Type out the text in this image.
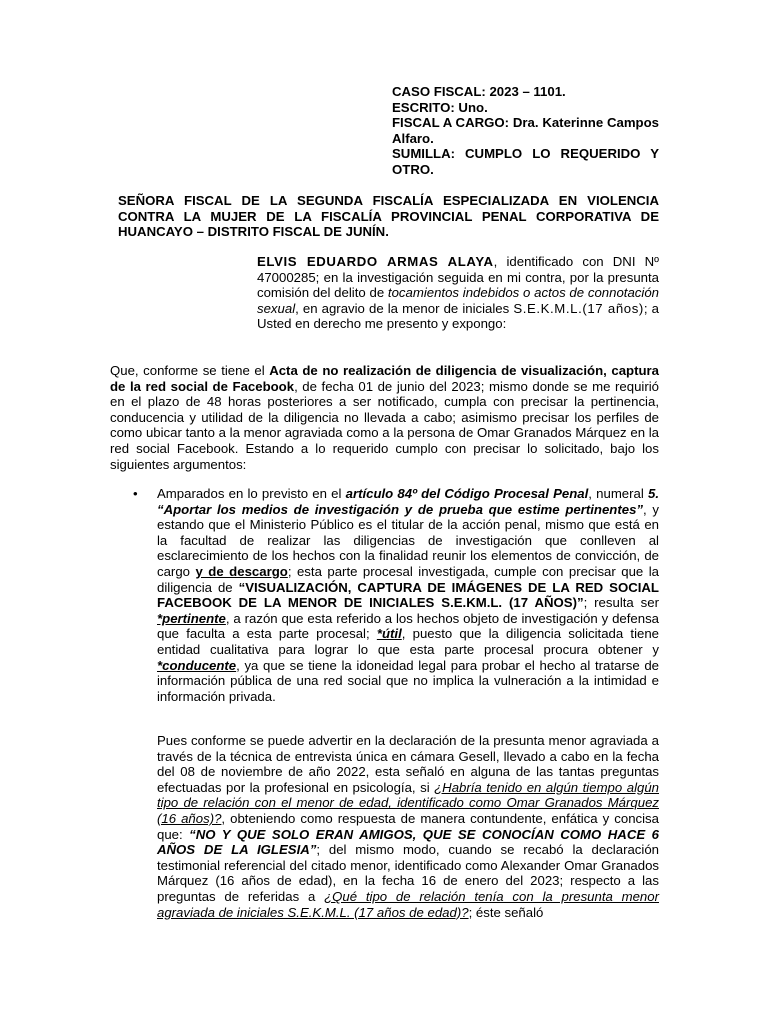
CASO FISCAL: 2023 – 1101.

ESCRITO: Uno.

FISCAL A CARGO: Dra. Katerinne Campos Alfaro.

SUMILLA: CUMPLO LO REQUERIDO Y OTRO.

SEÑORA FISCAL DE LA SEGUNDA FISCALÍA ESPECIALIZADA EN VIOLENCIA CONTRA LA MUJER DE LA FISCALÍA PROVINCIAL PENAL CORPORATIVA DE HUANCAYO – DISTRITO FISCAL DE JUNÍN.

ELVIS EDUARDO ARMAS ALAYA, identificado con DNI Nº 47000285; en la investigación seguida en mi contra, por la presunta comisión del delito de tocamientos indebidos o actos de connotación sexual, en agravio de la menor de iniciales S.E.K.M.L.(17 años); a Usted en derecho me presento y expongo:

Que, conforme se tiene el Acta de no realización de diligencia de visualización, captura de la red social de Facebook, de fecha 01 de junio del 2023; mismo donde se me requirió en el plazo de 48 horas posteriores a ser notificado, cumpla con precisar la pertinencia, conducencia y utilidad de la diligencia no llevada a cabo; asimismo precisar los perfiles de como ubicar tanto a la menor agraviada como a la persona de Omar Granados Márquez en la red social Facebook. Estando a lo requerido cumplo con precisar lo solicitado, bajo los siguientes argumentos:

•	Amparados en lo previsto en el artículo 84º del Código Procesal Penal, numeral 5. “Aportar los medios de investigación y de prueba que estime pertinentes”, y estando que el Ministerio Público es el titular de la acción penal, mismo que está en la facultad de realizar las diligencias de investigación que conlleven al esclarecimiento de los hechos con la finalidad reunir los elementos de convicción, de cargo y de descargo; esta parte procesal investigada, cumple con precisar que la diligencia de “VISUALIZACIÓN, CAPTURA DE IMÁGENES DE LA RED SOCIAL FACEBOOK DE LA MENOR DE INICIALES S.E.KM.L. (17 AÑOS)”; resulta ser *pertinente, a razón que esta referido a los hechos objeto de investigación y defensa que faculta a esta parte procesal; *útil, puesto que la diligencia solicitada tiene entidad cualitativa para lograr lo que esta parte procesal procura obtener y *conducente, ya que se tiene la idoneidad legal para probar el hecho al tratarse de información pública de una red social que no implica la vulneración a la intimidad e información privada.

Pues conforme se puede advertir en la declaración de la presunta menor agraviada a través de la técnica de entrevista única en cámara Gesell, llevado a cabo en la fecha del 08 de noviembre de año 2022, esta señaló en alguna de las tantas preguntas efectuadas por la profesional en psicología, si ¿Habría tenido en algún tiempo algún tipo de relación con el menor de edad, identificado como Omar Granados Márquez (16 años)?, obteniendo como respuesta de manera contundente, enfática y concisa que: “NO Y QUE SOLO ERAN AMIGOS, QUE SE CONOCÍAN COMO HACE 6 AÑOS DE LA IGLESIA”; del mismo modo, cuando se recabó la declaración testimonial referencial del citado menor, identificado como Alexander Omar Granados Márquez (16 años de edad), en la fecha 16 de enero del 2023; respecto a las preguntas de referidas a ¿Qué tipo de relación tenía con la presunta menor agraviada de iniciales S.E.K.M.L. (17 años de edad)?; éste señaló
